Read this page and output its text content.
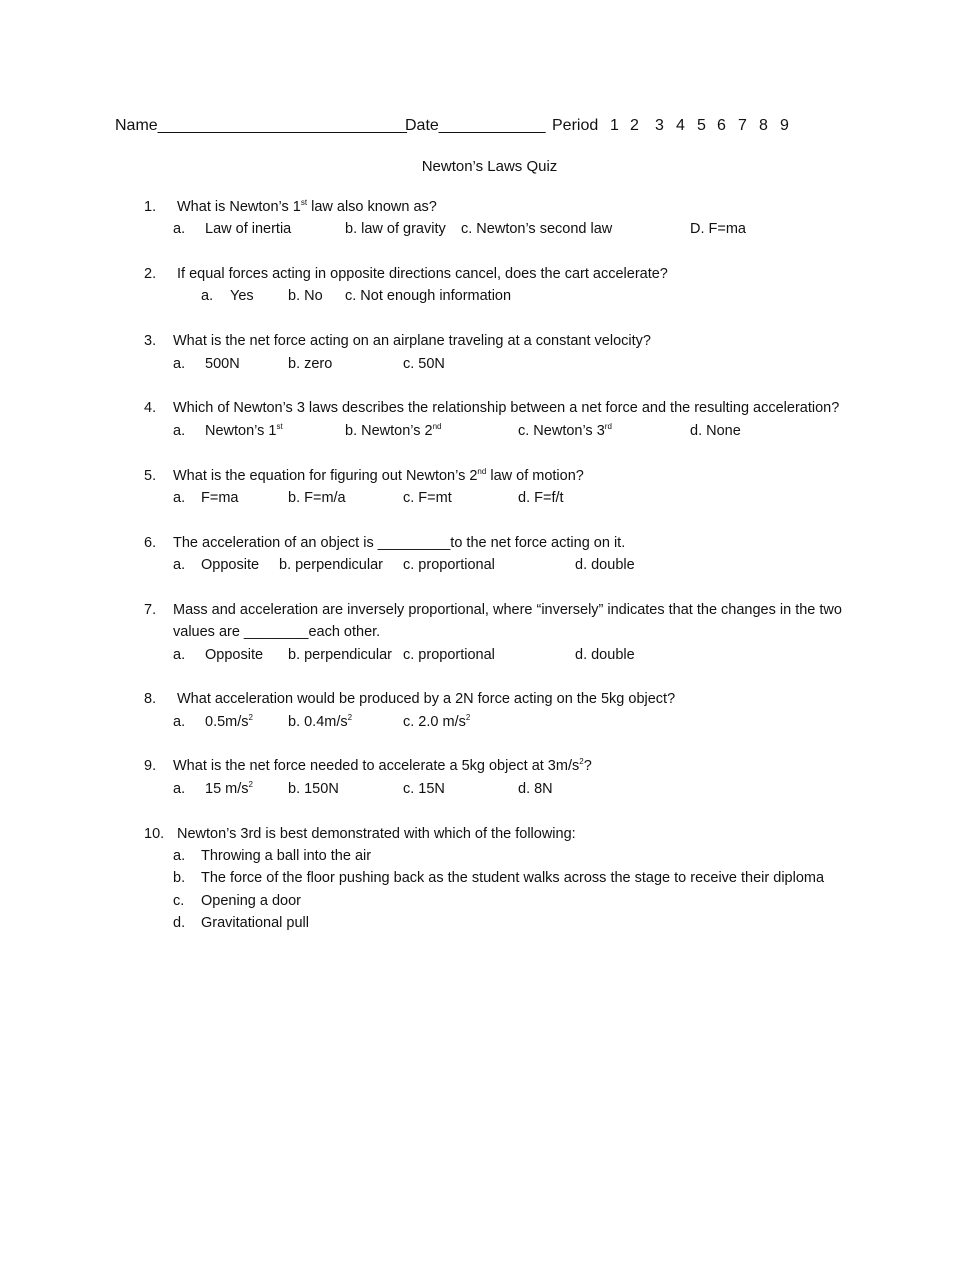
Name____________________________
Date____________ Period 1 2 3 4 5 6 7 8 9
Newton’s Laws Quiz
1. What is Newton’s 1st law also known as?
a. Law of inertia	b. law of gravity c. Newton’s second law	D. F=ma
2. If equal forces acting in opposite directions cancel, does the cart accelerate?
a. Yes b. No c. Not enough information
3. What is the net force acting on an airplane traveling at a constant velocity?
a. 500N	b. zero	c. 50N
4. Which of Newton’s 3 laws describes the relationship between a net force and the resulting acceleration?
a. Newton’s 1st	b. Newton’s 2nd	c. Newton’s 3rd	d. None
5. What is the equation for figuring out Newton’s 2nd law of motion?
a. F=ma	b. F=m/a	c. F=mt	d. F=f/t
6. The acceleration of an object is _________to the net force acting on it.
a. Opposite b. perpendicular c. proportional	d. double
7. Mass and acceleration are inversely proportional, where “inversely” indicates that the changes in the two
values are ________each other.
a. Opposite b. perpendicular c. proportional	d. double
8. What acceleration would be produced by a 2N force acting on the 5kg object?
a. $0.5m/s^2$ b. $0.4m/s^2$	c. 2.0 $m/s^2$
9. What is the net force needed to accelerate a 5kg object at $3m/s^2$?
a. 15 $m/s^2$ b. 150N	c. 15N	d. 8N
10. Newton’s 3rd is best demonstrated with which of the following:
a. Throwing a ball into the air
b. The force of the floor pushing back as the student walks across the stage to receive their diploma
c. Opening a door
d. Gravitational pull
